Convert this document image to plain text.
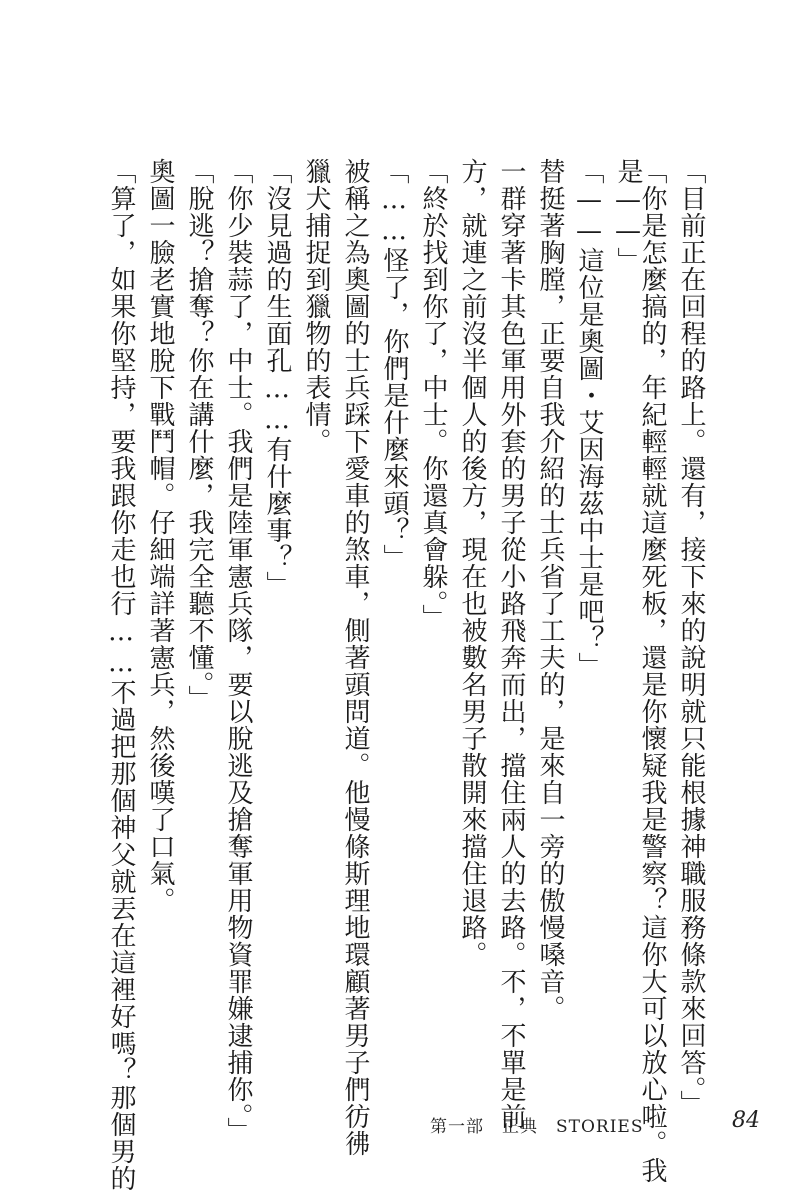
「目前正在回程的路上。還有，接下來的說明就只能根據神職服務條款來回答。」
「你是怎麼搞的，年紀輕輕就這麼死板，還是你懷疑我是警察？這你大可以放心啦。我
是——」
「——這位是奧圖・艾因海茲中士是吧？」
替挺著胸膛，正要自我介紹的士兵省了工夫的，是來自一旁的傲慢嗓音。
一群穿著卡其色軍用外套的男子從小路飛奔而出，擋住兩人的去路。不，不單是前
方，就連之前沒半個人的後方，現在也被數名男子散開來擋住退路。
「終於找到你了，中士。你還真會躲。」
「……怪了，你們是什麼來頭？」
被稱之為奧圖的士兵踩下愛車的煞車，側著頭問道。他慢條斯理地環顧著男子們彷彿
獵犬捕捉到獵物的表情。
「沒見過的生面孔……有什麼事？」
「你少裝蒜了，中士。我們是陸軍憲兵隊，要以脫逃及搶奪軍用物資罪嫌逮捕你。」
「脫逃？搶奪？你在講什麼，我完全聽不懂。」
奧圖一臉老實地脫下戰鬥帽。仔細端詳著憲兵，然後嘆了口氣。
「算了，如果你堅持，要我跟你走也行……不過把那個神父就丟在這裡好嗎？那個男的	第一部　正典　STORIES	84
